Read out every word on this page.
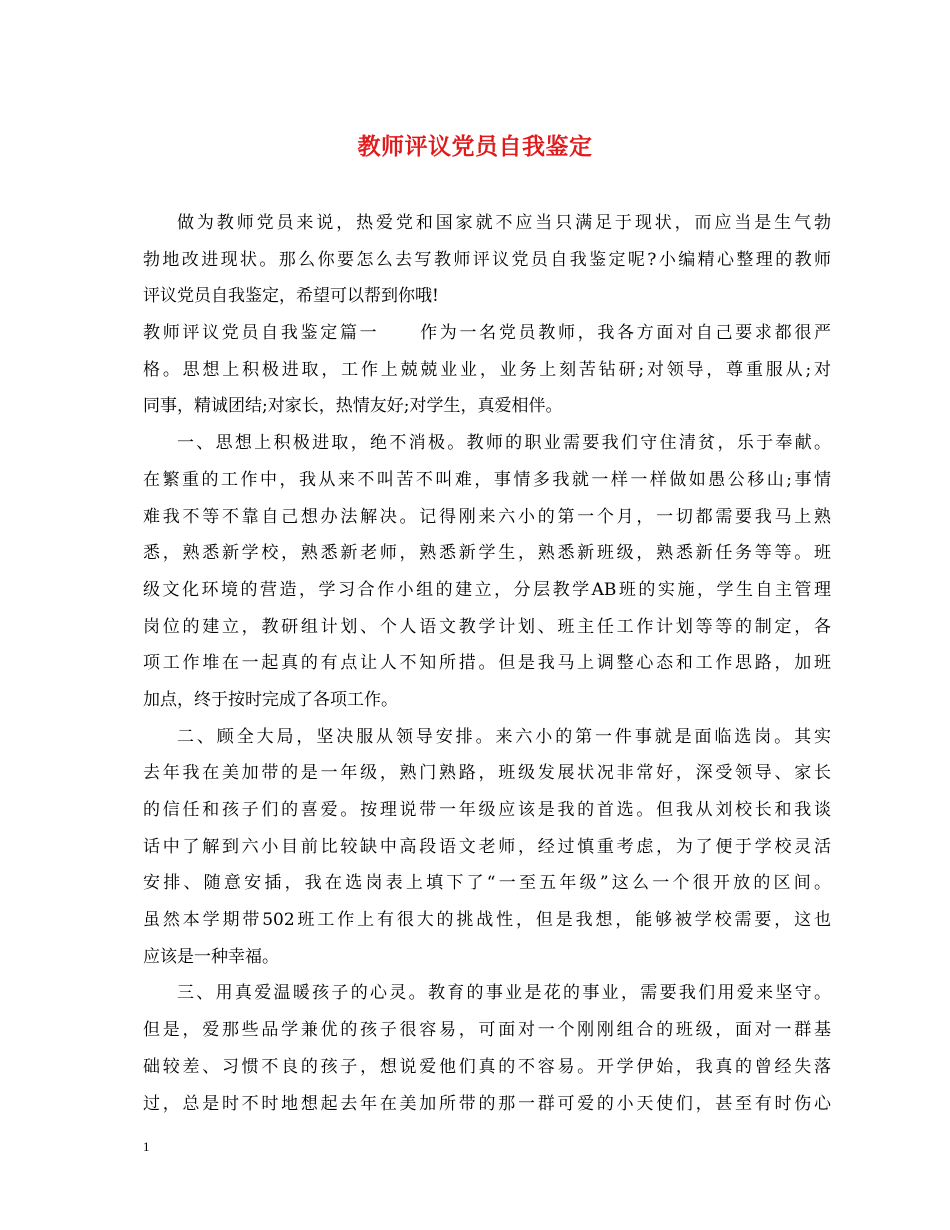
教师评议党员自我鉴定
做为教师党员来说，热爱党和国家就不应当只满足于现状，而应当是生气勃
勃地改进现状。那么你要怎么去写教师评议党员自我鉴定呢?小编精心整理的教师
评议党员自我鉴定，希望可以帮到你哦!
教师评议党员自我鉴定篇一 作为一名党员教师，我各方面对自己要求都很严
格。思想上积极进取，工作上兢兢业业，业务上刻苦钻研;对领导，尊重服从;对
同事，精诚团结;对家长，热情友好;对学生，真爱相伴。
一、思想上积极进取，绝不消极。教师的职业需要我们守住清贫，乐于奉献。
在繁重的工作中，我从来不叫苦不叫难，事情多我就一样一样做如愚公移山;事情
难我不等不靠自己想办法解决。记得刚来六小的第一个月，一切都需要我马上熟
悉，熟悉新学校，熟悉新老师，熟悉新学生，熟悉新班级，熟悉新任务等等。班
级文化环境的营造，学习合作小组的建立，分层教学AB班的实施，学生自主管理
岗位的建立，教研组计划、个人语文教学计划、班主任工作计划等等的制定，各
项工作堆在一起真的有点让人不知所措。但是我马上调整心态和工作思路，加班
加点，终于按时完成了各项工作。
二、顾全大局，坚决服从领导安排。来六小的第一件事就是面临选岗。其实
去年我在美加带的是一年级，熟门熟路，班级发展状况非常好，深受领导、家长
的信任和孩子们的喜爱。按理说带一年级应该是我的首选。但我从刘校长和我谈
话中了解到六小目前比较缺中高段语文老师，经过慎重考虑，为了便于学校灵活
安排、随意安插，我在选岗表上填下了“一至五年级”这么一个很开放的区间。
虽然本学期带502班工作上有很大的挑战性，但是我想，能够被学校需要，这也
应该是一种幸福。
三、用真爱温暖孩子的心灵。教育的事业是花的事业，需要我们用爱来坚守。
但是，爱那些品学兼优的孩子很容易，可面对一个刚刚组合的班级，面对一群基
础较差、习惯不良的孩子，想说爱他们真的不容易。开学伊始，我真的曾经失落
过，总是时不时地想起去年在美加所带的那一群可爱的小天使们，甚至有时伤心
1
